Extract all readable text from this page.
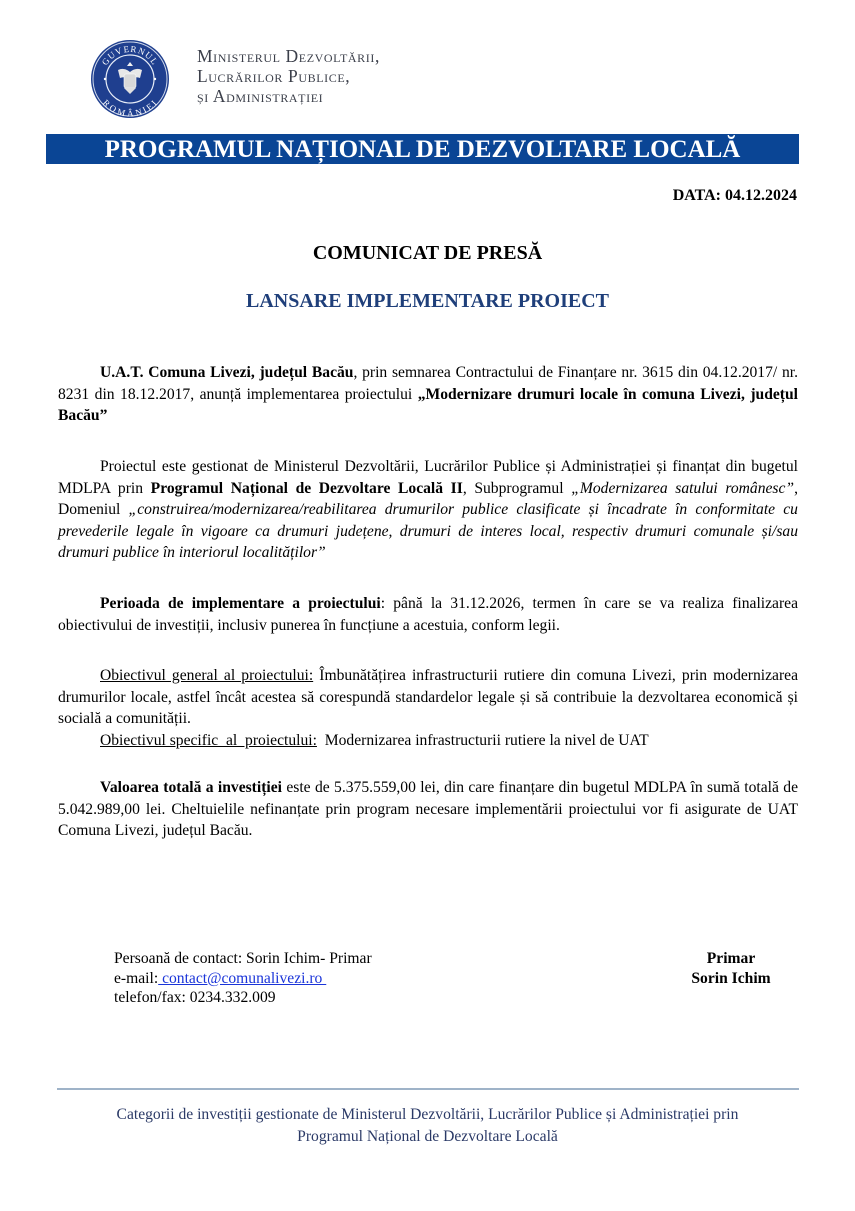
GUVERNUL
ROMÂNIEI
Ministerul Dezvoltării,
Lucrărilor Publice,
și Administrației
PROGRAMUL NAȚIONAL DE DEZVOLTARE LOCALĂ
DATA: 04.12.2024
COMUNICAT DE PRESĂ
LANSARE IMPLEMENTARE PROIECT
U.A.T. Comuna Livezi, județul Bacău, prin semnarea Contractului de Finanțare nr. 3615 din 04.12.2017/ nr. 8231 din 18.12.2017, anunță implementarea proiectului „Modernizare drumuri locale în comuna Livezi, județul Bacău”
Proiectul este gestionat de Ministerul Dezvoltării, Lucrărilor Publice și Administrației și finanțat din bugetul MDLPA prin Programul Național de Dezvoltare Locală II, Subprogramul „Modernizarea satului românesc”, Domeniul „construirea/modernizarea/reabilitarea drumurilor publice clasificate și încadrate în conformitate cu prevederile legale în vigoare ca drumuri județene, drumuri de interes local, respectiv drumuri comunale și/sau drumuri publice în interiorul localităților”
Perioada de implementare a proiectului: până la 31.12.2026, termen în care se va realiza finalizarea obiectivului de investiții, inclusiv punerea în funcțiune a acestuia, conform legii.
Obiectivul general al proiectului: Îmbunătățirea infrastructurii rutiere din comuna Livezi, prin modernizarea drumurilor locale, astfel încât acestea să corespundă standardelor legale și să contribuie la dezvoltarea economică și socială a comunității.
Obiectivul specific  al  proiectului:  Modernizarea infrastructurii rutiere la nivel de UAT
Valoarea totală a investiției este de 5.375.559,00 lei, din care finanțare din bugetul MDLPA în sumă totală de 5.042.989,00 lei. Cheltuielile nefinanțate prin program necesare implementării proiectului vor fi asigurate de UAT Comuna Livezi, județul Bacău.
Persoană de contact: Sorin Ichim- Primar
e-mail: contact@comunalivezi.ro
telefon/fax: 0234.332.009
Primar
Sorin Ichim
Categorii de investiții gestionate de Ministerul Dezvoltării, Lucrărilor Publice și Administrației prin
Programul Național de Dezvoltare Locală
